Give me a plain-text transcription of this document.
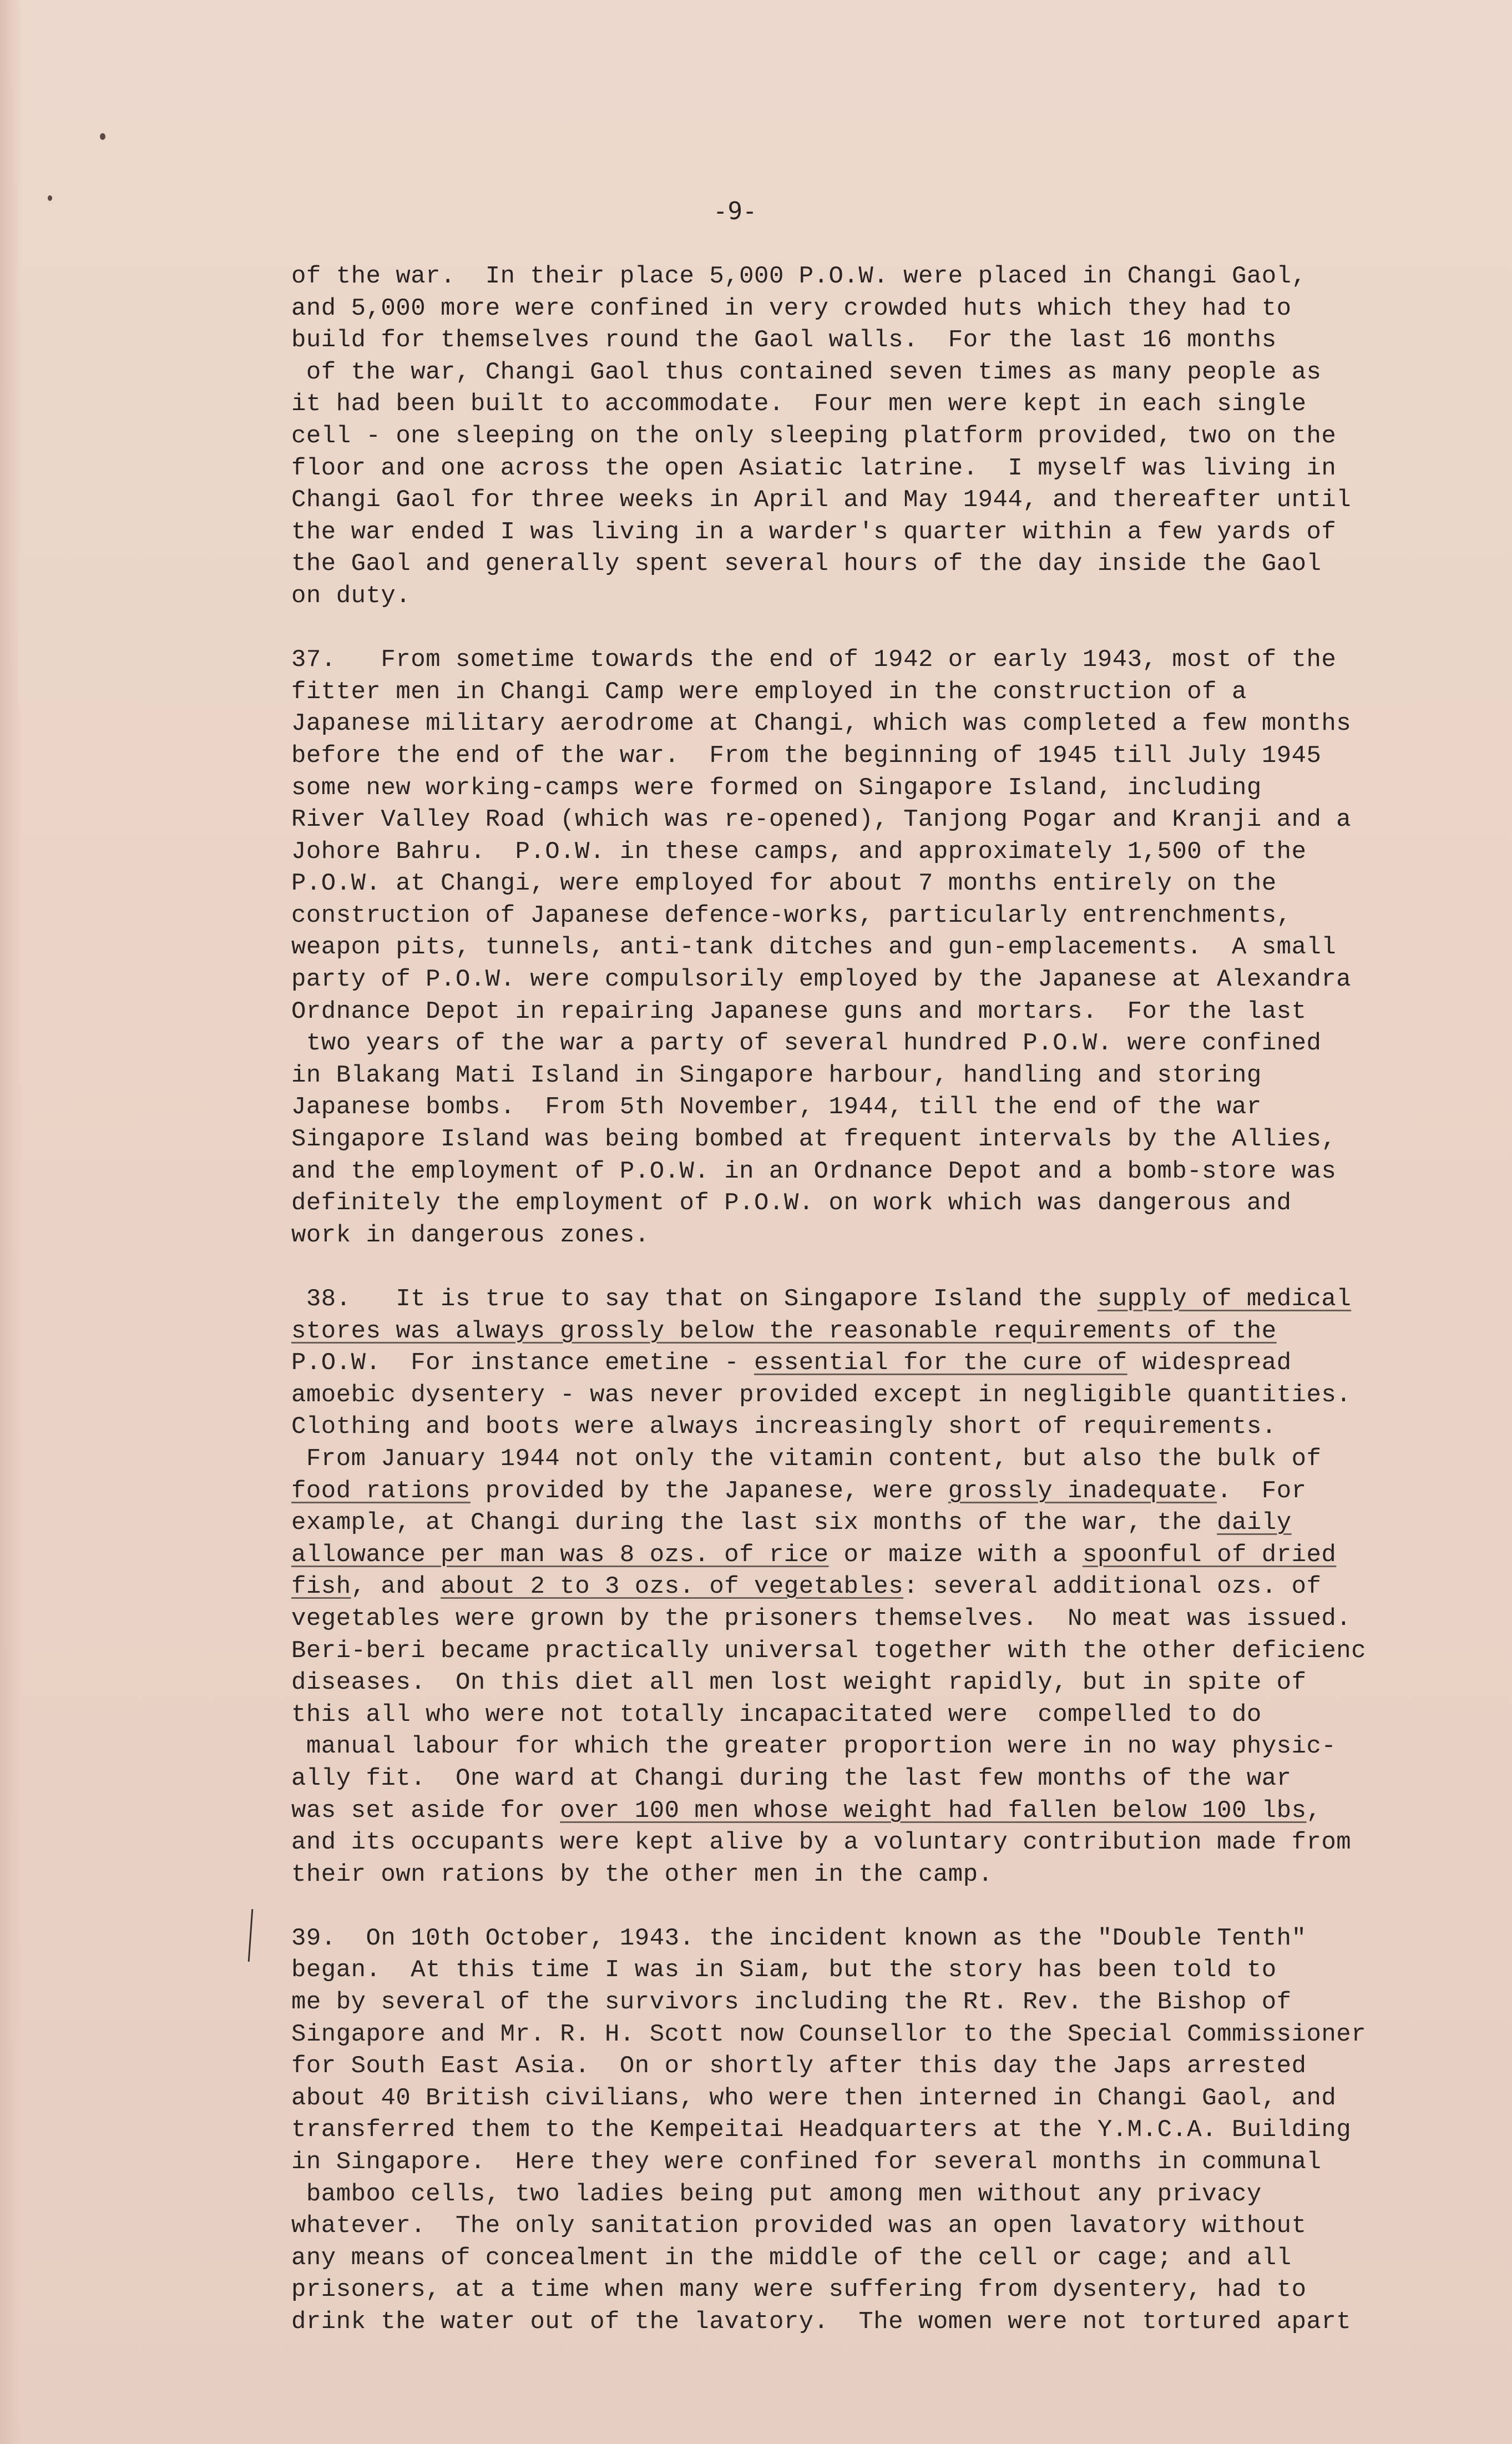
-9-
of the war.  In their place 5,000 P.O.W. were placed in Changi Gaol,
and 5,000 more were confined in very crowded huts which they had to
build for themselves round the Gaol walls.  For the last 16 months
of the war, Changi Gaol thus contained seven times as many people as
it had been built to accommodate.  Four men were kept in each single
cell - one sleeping on the only sleeping platform provided, two on the
floor and one across the open Asiatic latrine.  I myself was living in
Changi Gaol for three weeks in April and May 1944, and thereafter until
the war ended I was living in a warder's quarter within a few yards of
the Gaol and generally spent several hours of the day inside the Gaol
on duty.
37.   From sometime towards the end of 1942 or early 1943, most of the
fitter men in Changi Camp were employed in the construction of a
Japanese military aerodrome at Changi, which was completed a few months
before the end of the war.  From the beginning of 1945 till July 1945
some new working-camps were formed on Singapore Island, including
River Valley Road (which was re-opened), Tanjong Pogar and Kranji and a
Johore Bahru.  P.O.W. in these camps, and approximately 1,500 of the
P.O.W. at Changi, were employed for about 7 months entirely on the
construction of Japanese defence-works, particularly entrenchments,
weapon pits, tunnels, anti-tank ditches and gun-emplacements.  A small
party of P.O.W. were compulsorily employed by the Japanese at Alexandra
Ordnance Depot in repairing Japanese guns and mortars.  For the last
two years of the war a party of several hundred P.O.W. were confined
in Blakang Mati Island in Singapore harbour, handling and storing
Japanese bombs.  From 5th November, 1944, till the end of the war
Singapore Island was being bombed at frequent intervals by the Allies,
and the employment of P.O.W. in an Ordnance Depot and a bomb-store was
definitely the employment of P.O.W. on work which was dangerous and
work in dangerous zones.
38.   It is true to say that on Singapore Island the supply of medical
stores was always grossly below the reasonable requirements of the
P.O.W.  For instance emetine - essential for the cure of widespread
amoebic dysentery - was never provided except in negligible quantities.
Clothing and boots were always increasingly short of requirements.
From January 1944 not only the vitamin content, but also the bulk of
food rations provided by the Japanese, were grossly inadequate.  For
example, at Changi during the last six months of the war, the daily
allowance per man was 8 ozs. of rice or maize with a spoonful of dried
fish, and about 2 to 3 ozs. of vegetables: several additional ozs. of
vegetables were grown by the prisoners themselves.  No meat was issued.
Beri-beri became practically universal together with the other deficienc
diseases.  On this diet all men lost weight rapidly, but in spite of
this all who were not totally incapacitated were  compelled to do
manual labour for which the greater proportion were in no way physic-
ally fit.  One ward at Changi during the last few months of the war
was set aside for over 100 men whose weight had fallen below 100 lbs,
and its occupants were kept alive by a voluntary contribution made from
their own rations by the other men in the camp.
39.  On 10th October, 1943. the incident known as the "Double Tenth"
began.  At this time I was in Siam, but the story has been told to
me by several of the survivors including the Rt. Rev. the Bishop of
Singapore and Mr. R. H. Scott now Counsellor to the Special Commissioner
for South East Asia.  On or shortly after this day the Japs arrested
about 40 British civilians, who were then interned in Changi Gaol, and
transferred them to the Kempeitai Headquarters at the Y.M.C.A. Building
in Singapore.  Here they were confined for several months in communal
bamboo cells, two ladies being put among men without any privacy
whatever.  The only sanitation provided was an open lavatory without
any means of concealment in the middle of the cell or cage; and all
prisoners, at a time when many were suffering from dysentery, had to
drink the water out of the lavatory.  The women were not tortured apart
